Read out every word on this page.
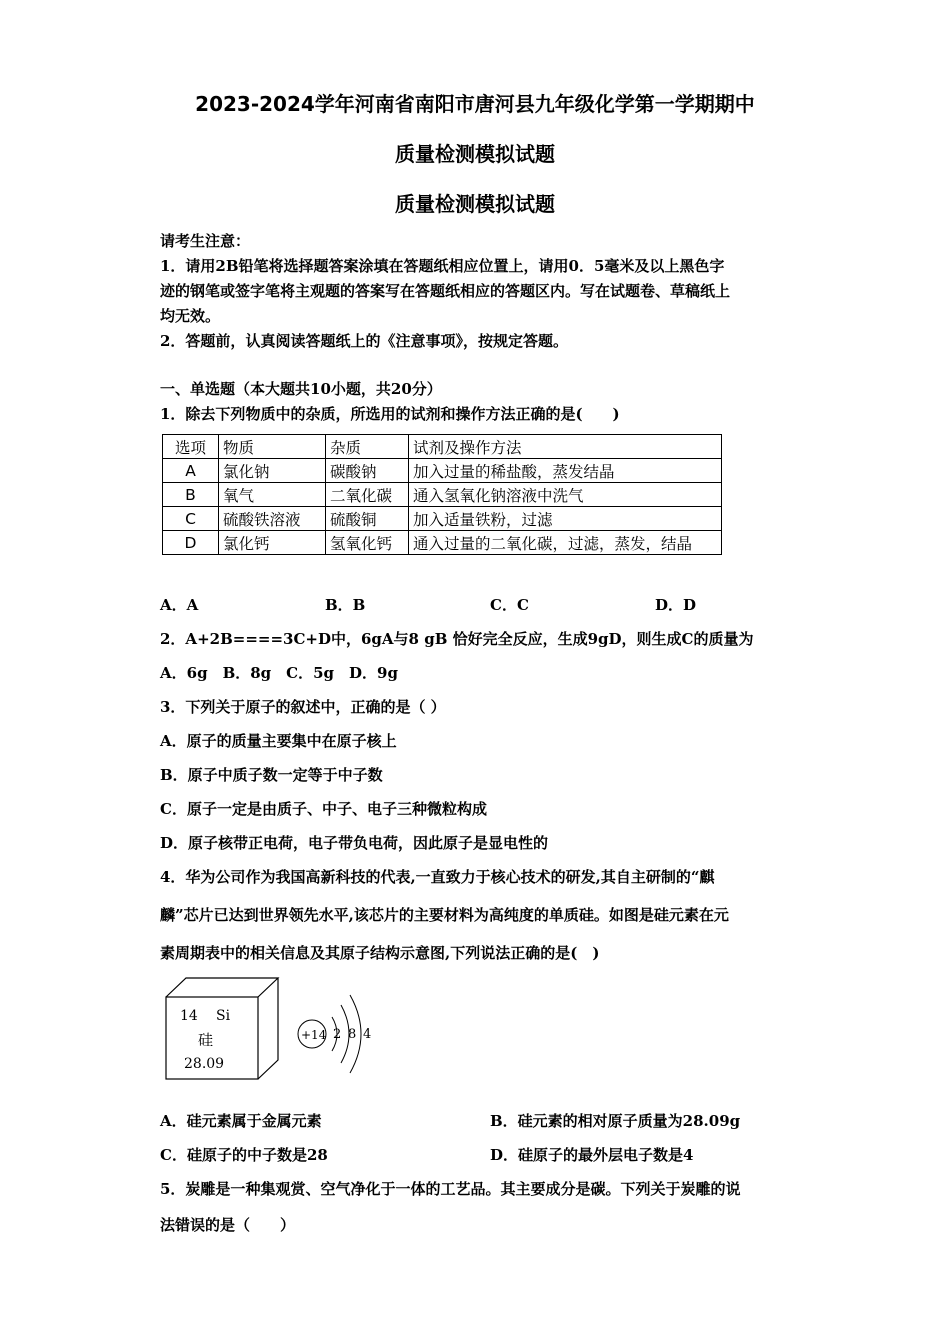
2023-2024学年河南省南阳市唐河县九年级化学第一学期期中
质量检测模拟试题
质量检测模拟试题
请考生注意：
1．请用2B铅笔将选择题答案涂填在答题纸相应位置上，请用0．5毫米及以上黑色字
迹的钢笔或签字笔将主观题的答案写在答题纸相应的答题区内。写在试题卷、草稿纸上
均无效。
2．答题前，认真阅读答题纸上的《注意事项》，按规定答题。
一、单选题（本大题共10小题，共20分）
1．除去下列物质中的杂质，所选用的试剂和操作方法正确的是(　　)
选项	物质	杂质	试剂及操作方法
A	氯化钠	碳酸钠	加入过量的稀盐酸，蒸发结晶
B	氧气	二氧化碳	通入氢氧化钠溶液中洗气
C	硫酸铁溶液	硫酸铜	加入适量铁粉，过滤
D	氯化钙	氢氧化钙	通入过量的二氧化碳，过滤，蒸发，结晶
A．A	B．B	C．C	D．D
2．A+2B====3C+D中，6gA与8 gB 恰好完全反应，生成9gD，则生成C的质量为
A．6g　B．8g　C．5g　D．9g
3．下列关于原子的叙述中，正确的是（ ）
A．原子的质量主要集中在原子核上
B．原子中质子数一定等于中子数
C．原子一定是由质子、中子、电子三种微粒构成
D．原子核带正电荷，电子带负电荷，因此原子是显电性的
4．华为公司作为我国高新科技的代表,一直致力于核心技术的研发,其自主研制的“麒
麟”芯片已达到世界领先水平,该芯片的主要材料为高纯度的单质硅。如图是硅元素在元
素周期表中的相关信息及其原子结构示意图,下列说法正确的是(　)
14 Si
硅
28.09
+14 2 8 4
A．硅元素属于金属元素	B．硅元素的相对原子质量为28.09g
C．硅原子的中子数是28	D．硅原子的最外层电子数是4
5．炭雕是一种集观赏、空气净化于一体的工艺品。其主要成分是碳。下列关于炭雕的说
法错误的是（　　）
